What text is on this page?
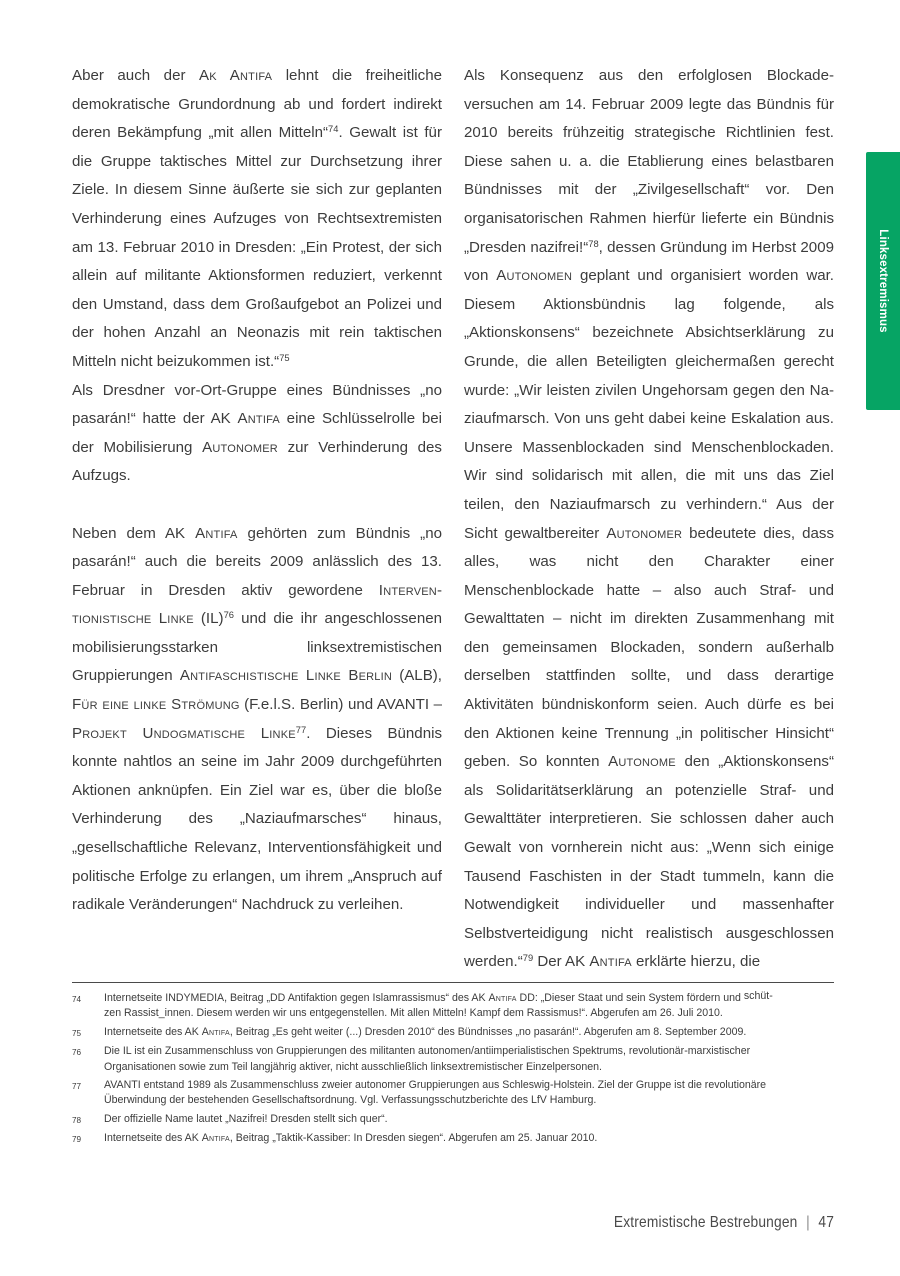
Linksextremismus

Aber auch der Ak Antifa lehnt die freiheitliche demokratische Grundordnung ab und fordert indirekt deren Bekämpfung „mit allen Mitteln“$^{74}$. Gewalt ist für die Gruppe taktisches Mittel zur Durchsetzung ihrer Ziele. In diesem Sinne äußerte sie sich zur geplanten Verhinderung eines Aufzuges von Rechtsextremisten am 13. Februar 2010 in Dresden: „Ein Protest, der sich allein auf militante Aktionsformen reduziert, verkennt den Umstand, dass dem Großaufgebot an Polizei und der hohen Anzahl an Neonazis mit rein taktischen Mitteln nicht beizukommen ist.“$^{75}$
Als Dresdner vor-Ort-Gruppe eines Bündnisses „no pasarán!“ hatte der AK Antifa eine Schlüsselrolle bei der Mobilisierung Autonomer zur Verhinderung des Aufzugs.

Neben dem AK Antifa gehörten zum Bündnis „no pasarán!“ auch die bereits 2009 anlässlich des 13. Februar in Dresden aktiv gewordene Interventionistische Linke (IL)$^{76}$ und die ihr angeschlossenen mobilisierungsstarken linksextremistischen Gruppierungen Antifaschistische Linke Berlin (ALB), Für eine linke Strömung (F.e.l.S. Berlin) und AVANTI – Projekt Undogmatische Linke$^{77}$. Dieses Bündnis konnte nahtlos an seine im Jahr 2009 durchgeführten Aktionen anknüpfen. Ein Ziel war es, über die bloße Verhinderung des „Naziaufmarsches“ hinaus, „gesellschaftliche Relevanz, Interventionsfähigkeit und politische Erfolge zu erlangen, um ihrem „Anspruch auf radikale Veränderungen“ Nachdruck zu verleihen.

Als Konsequenz aus den erfolglosen Blockadeversuchen am 14. Februar 2009 legte das Bündnis für 2010 bereits frühzeitig strategische Richtlinien fest. Diese sahen u. a. die Etablierung eines belastbaren Bündnisses mit der „Zivilgesellschaft“ vor. Den organisatorischen Rahmen hierfür lieferte ein Bündnis „Dresden nazifrei!“$^{78}$, dessen Gründung im Herbst 2009 von Autonomen geplant und organisiert worden war. Diesem Aktionsbündnis lag folgende, als „Aktionskonsens“ bezeichnete Absichtserklärung zu Grunde, die allen Beteiligten gleichermaßen gerecht wurde: „Wir leisten zivilen Ungehorsam gegen den Naziaufmarsch. Von uns geht dabei keine Eskalation aus. Unsere Massenblockaden sind Menschenblockaden. Wir sind solidarisch mit allen, die mit uns das Ziel teilen, den Naziaufmarsch zu verhindern.“ Aus der Sicht gewaltbereiter Autonomer bedeutete dies, dass alles, was nicht den Charakter einer Menschenblockade hatte – also auch Straf- und Gewalttaten – nicht im direkten Zusammenhang mit den gemeinsamen Blockaden, sondern außerhalb derselben stattfinden sollte, und dass derartige Aktivitäten bündniskonform seien. Auch dürfe es bei den Aktionen keine Trennung „in politischer Hinsicht“ geben. So konnten Autonome den „Aktionskonsens“ als Solidaritätserklärung an potenzielle Straf- und Gewalttäter interpretieren. Sie schlossen daher auch Gewalt von vornherein nicht aus: „Wenn sich einige Tausend Faschisten in der Stadt tummeln, kann die Notwendigkeit individueller und massenhafter Selbstverteidigung nicht realistisch ausgeschlossen werden.“$^{79}$ Der AK Antifa erklärte hierzu, die

74	Internetseite INDYMEDIA, Beitrag „DD Antifaktion gegen Islamrassismus“ des AK Antifa DD: „Dieser Staat und sein System fördern und schüt-
zen Rassist_innen. Diesem werden wir uns entgegenstellen. Mit allen Mitteln! Kampf dem Rassismus!“. Abgerufen am 26. Juli 2010.
75	Internetseite des AK Antifa, Beitrag „Es geht weiter (...) Dresden 2010“ des Bündnisses „no pasarán!“. Abgerufen am 8. September 2009.
76	Die IL ist ein Zusammenschluss von Gruppierungen des militanten autonomen/antiimperialistischen Spektrums, revolutionär-marxistischer
Organisationen sowie zum Teil langjährig aktiver, nicht ausschließlich linksextremistischer Einzelpersonen.
77	AVANTI entstand 1989 als Zusammenschluss zweier autonomer Gruppierungen aus Schleswig-Holstein. Ziel der Gruppe ist die revolutionäre
Überwindung der bestehenden Gesellschaftsordnung. Vgl. Verfassungsschutzberichte des LfV Hamburg.
78	Der offizielle Name lautet „Nazifrei! Dresden stellt sich quer“.
79	Internetseite des AK Antifa, Beitrag „Taktik-Kassiber: In Dresden siegen“. Abgerufen am 25. Januar 2010.
Extremistische Bestrebungen | 47
